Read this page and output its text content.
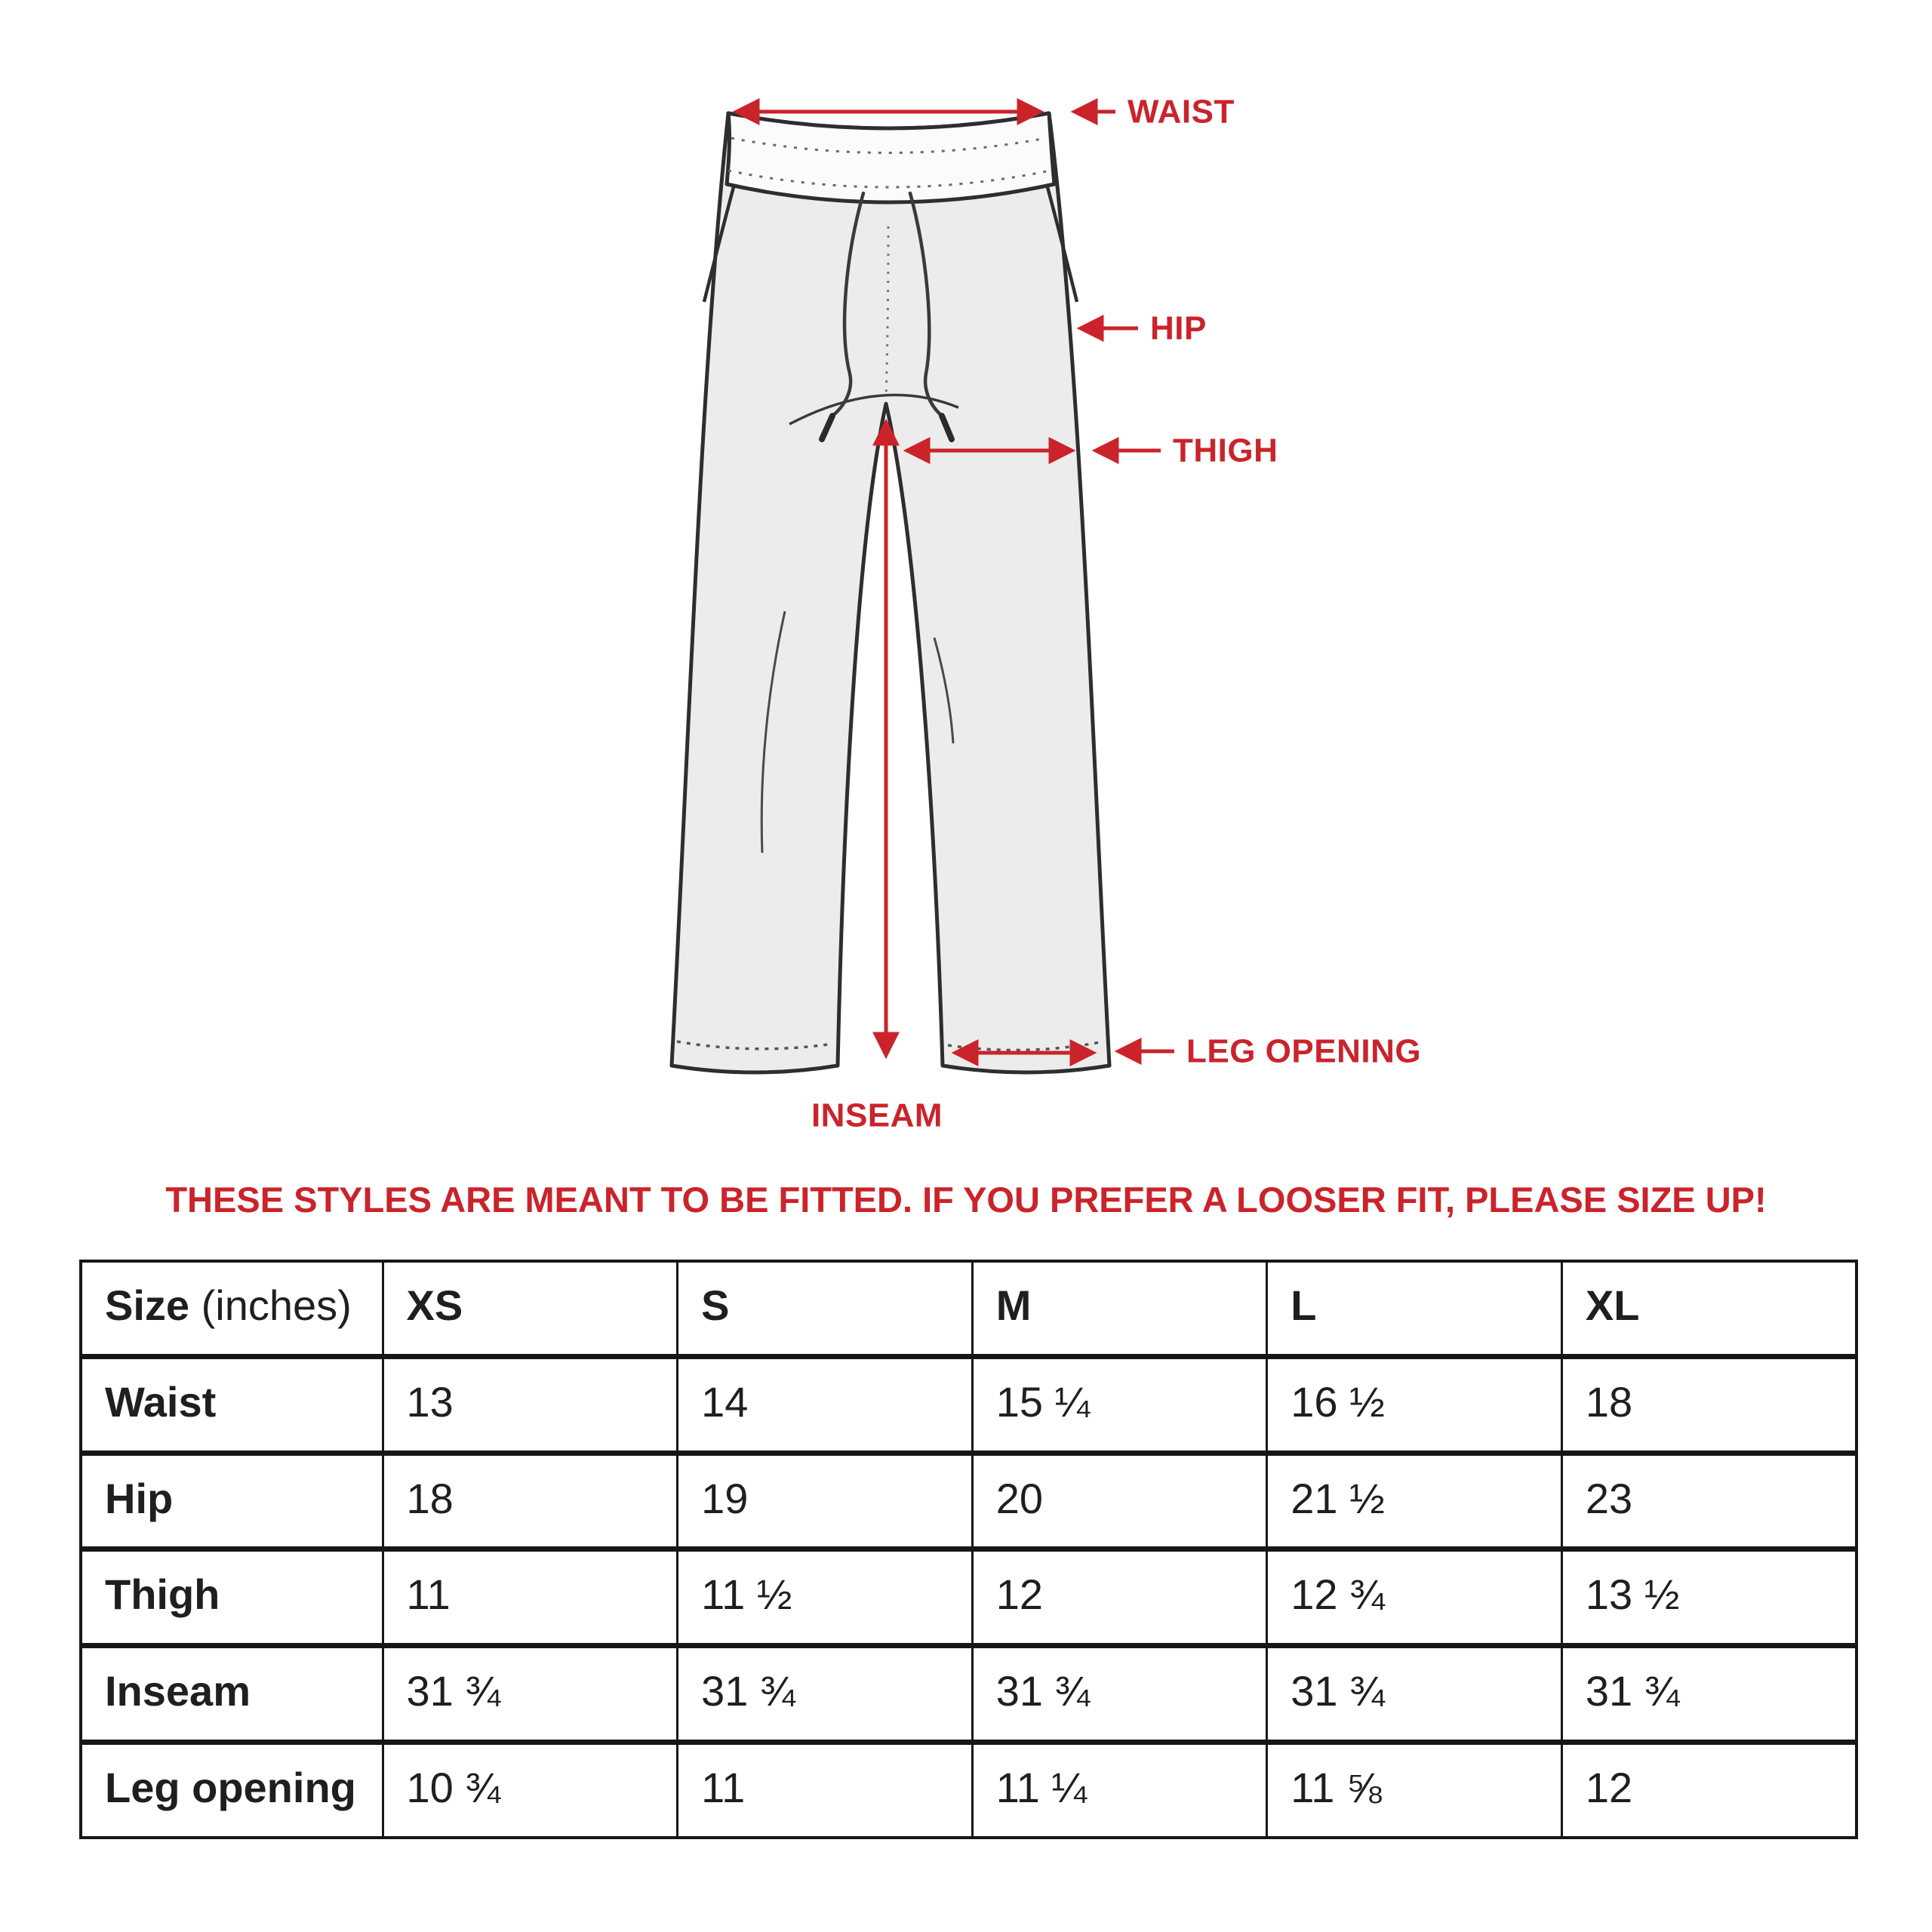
WAIST
HIP
THIGH
LEG OPENING
INSEAM
THESE STYLES ARE MEANT TO BE FITTED. IF YOU PREFER A LOOSER FIT, PLEASE SIZE UP!
Size (inches)	XS	S	M	L	XL
Waist	13	14	15 ¼	16 ½	18
Hip	18	19	20	21 ½	23
Thigh	11	11 ½	12	12 ¾	13 ½
Inseam	31 ¾	31 ¾	31 ¾	31 ¾	31 ¾
Leg opening	10 ¾	11	11 ¼	11 ⅝	12
